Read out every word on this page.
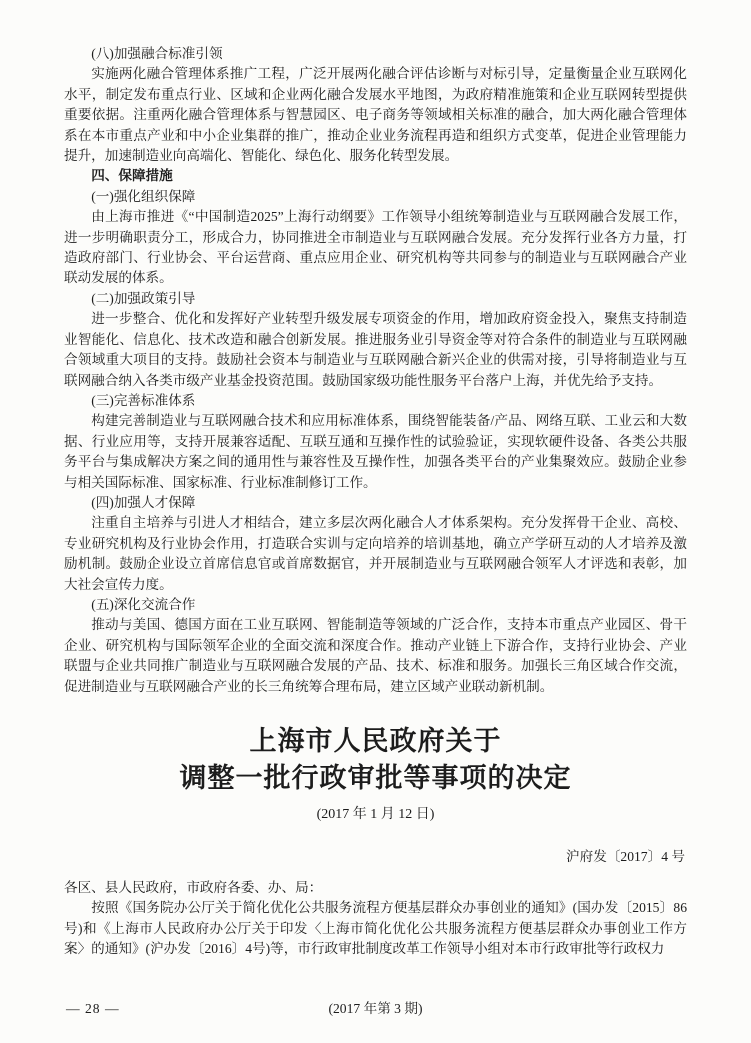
(八)加强融合标准引领

实施两化融合管理体系推广工程，广泛开展两化融合评估诊断与对标引导，定量衡量企业互联网化水平，制定发布重点行业、区域和企业两化融合发展水平地图，为政府精准施策和企业互联网转型提供重要依据。注重两化融合管理体系与智慧园区、电子商务等领域相关标准的融合，加大两化融合管理体系在本市重点产业和中小企业集群的推广，推动企业业务流程再造和组织方式变革，促进企业管理能力提升，加速制造业向高端化、智能化、绿色化、服务化转型发展。

四、保障措施

(一)强化组织保障

由上海市推进《“中国制造2025”上海行动纲要》工作领导小组统筹制造业与互联网融合发展工作，进一步明确职责分工，形成合力，协同推进全市制造业与互联网融合发展。充分发挥行业各方力量，打造政府部门、行业协会、平台运营商、重点应用企业、研究机构等共同参与的制造业与互联网融合产业联动发展的体系。

(二)加强政策引导

进一步整合、优化和发挥好产业转型升级发展专项资金的作用，增加政府资金投入，聚焦支持制造业智能化、信息化、技术改造和融合创新发展。推进服务业引导资金等对符合条件的制造业与互联网融合领域重大项目的支持。鼓励社会资本与制造业与互联网融合新兴企业的供需对接，引导将制造业与互联网融合纳入各类市级产业基金投资范围。鼓励国家级功能性服务平台落户上海，并优先给予支持。

(三)完善标准体系

构建完善制造业与互联网融合技术和应用标准体系，围绕智能装备/产品、网络互联、工业云和大数据、行业应用等，支持开展兼容适配、互联互通和互操作性的试验验证，实现软硬件设备、各类公共服务平台与集成解决方案之间的通用性与兼容性及互操作性，加强各类平台的产业集聚效应。鼓励企业参与相关国际标准、国家标准、行业标准制修订工作。

(四)加强人才保障

注重自主培养与引进人才相结合，建立多层次两化融合人才体系架构。充分发挥骨干企业、高校、专业研究机构及行业协会作用，打造联合实训与定向培养的培训基地，确立产学研互动的人才培养及激励机制。鼓励企业设立首席信息官或首席数据官，并开展制造业与互联网融合领军人才评选和表彰，加大社会宣传力度。

(五)深化交流合作

推动与美国、德国方面在工业互联网、智能制造等领域的广泛合作，支持本市重点产业园区、骨干企业、研究机构与国际领军企业的全面交流和深度合作。推动产业链上下游合作，支持行业协会、产业联盟与企业共同推广制造业与互联网融合发展的产品、技术、标准和服务。加强长三角区域合作交流，促进制造业与互联网融合产业的长三角统筹合理布局，建立区域产业联动新机制。

上海市人民政府关于
调整一批行政审批等事项的决定

(2017 年 1 月 12 日)

沪府发〔2017〕4 号

各区、县人民政府，市政府各委、办、局：

按照《国务院办公厅关于简化优化公共服务流程方便基层群众办事创业的通知》(国办发〔2015〕86号)和《上海市人民政府办公厅关于印发〈上海市简化优化公共服务流程方便基层群众办事创业工作方案〉的通知》(沪办发〔2016〕4号)等，市行政审批制度改革工作领导小组对本市行政审批等行政权力

(2017 年第 3 期)
— 28 —
